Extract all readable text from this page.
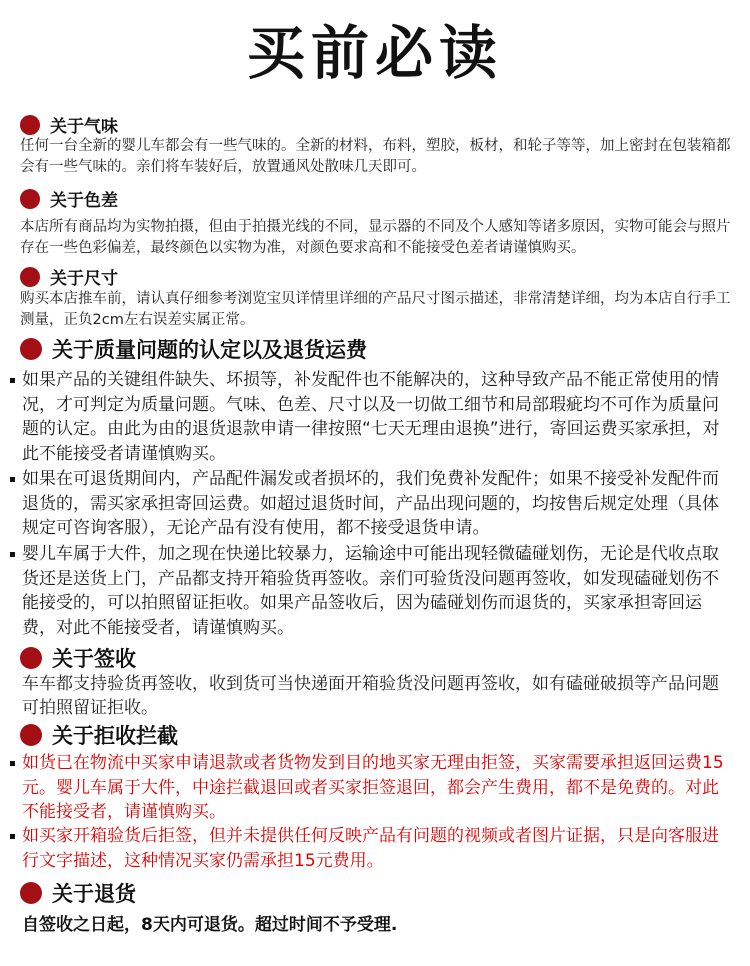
买前必读
关于气味

任何一台全新的婴儿车都会有一些气味的。全新的材料，布料，塑胶，板材，和轮子等等，加上密封在包装箱都会有一些气味的。亲们将车装好后，放置通风处散味几天即可。

关于色差

本店所有商品均为实物拍摄，但由于拍摄光线的不同，显示器的不同及个人感知等诸多原因，实物可能会与照片存在一些色彩偏差，最终颜色以实物为准，对颜色要求高和不能接受色差者请谨慎购买。

关于尺寸

购买本店推车前，请认真仔细参考浏览宝贝详情里详细的产品尺寸图示描述，非常清楚详细，均为本店自行手工测量，正负2cm左右误差实属正常。

关于质量问题的认定以及退货运费

如果产品的关键组件缺失、坏损等，补发配件也不能解决的，这种导致产品不能正常使用的情况，才可判定为质量问题。气味、色差、尺寸以及一切做工细节和局部瑕疵均不可作为质量问题的认定。由此为由的退货退款申请一律按照“七天无理由退换”进行，寄回运费买家承担，对此不能接受者请谨慎购买。

如果在可退货期间内，产品配件漏发或者损坏的，我们免费补发配件；如果不接受补发配件而退货的，需买家承担寄回运费。如超过退货时间，产品出现问题的，均按售后规定处理（具体规定可咨询客服），无论产品有没有使用，都不接受退货申请。

婴儿车属于大件，加之现在快递比较暴力，运输途中可能出现轻微磕碰划伤，无论是代收点取货还是送货上门，产品都支持开箱验货再签收。亲们可验货没问题再签收，如发现磕碰划伤不能接受的，可以拍照留证拒收。如果产品签收后，因为磕碰划伤而退货的，买家承担寄回运费，对此不能接受者，请谨慎购买。

关于签收

车车都支持验货再签收，收到货可当快递面开箱验货没问题再签收，如有磕碰破损等产品问题可拍照留证拒收。

关于拒收拦截

如货已在物流中买家申请退款或者货物发到目的地买家无理由拒签，买家需要承担返回运费15元。婴儿车属于大件，中途拦截退回或者买家拒签退回，都会产生费用，都不是免费的。对此不能接受者，请谨慎购买。

如买家开箱验货后拒签，但并未提供任何反映产品有问题的视频或者图片证据，只是向客服进行文字描述，这种情况买家仍需承担15元费用。

关于退货

自签收之日起，8天内可退货。超过时间不予受理.
